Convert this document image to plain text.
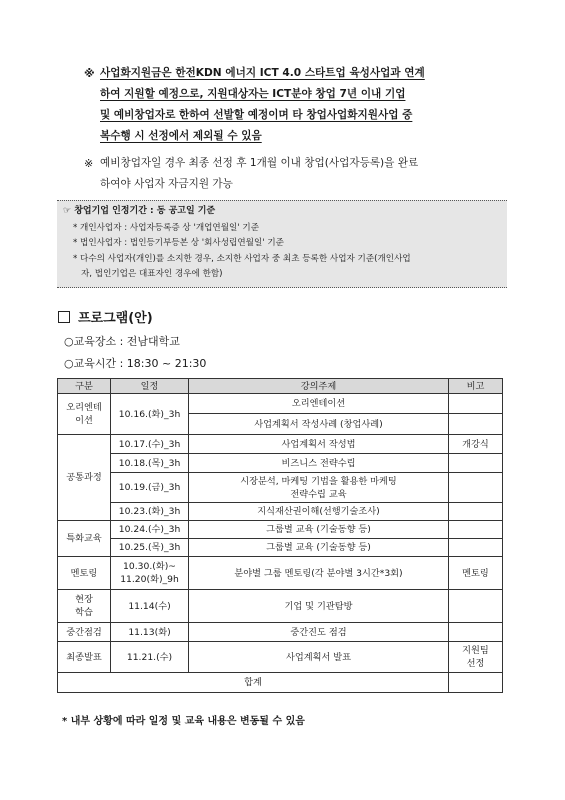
※ 사업화지원금은 한전KDN 에너지 ICT 4.0 스타트업 육성사업과 연계
하여 지원할 예정으로, 지원대상자는 ICT분야 창업 7년 이내 기업
및 예비창업자로 한하여 선발할 예정이며 타 창업사업화지원사업 중
복수행 시 선정에서 제외될 수 있음
※ 예비창업자일 경우 최종 선정 후 1개월 이내 창업(사업자등록)을 완료
하여야 사업자 자금지원 가능
☞ 창업기업 인정기간 : 동 공고일 기준
* 개인사업자 : 사업자등록증 상 '개업연월일' 기준
* 법인사업자 : 법인등기부등본 상 '회사성립연월일' 기준
* 다수의 사업자(개인)를 소지한 경우, 소지한 사업자 중 최초 등록한 사업자 기준(개인사업
자, 법인기업은 대표자인 경우에 한함)
프로그램(안)
○교육장소 : 전남대학교
○교육시간 : 18:30 ~ 21:30
구분	일정	강의주제	비고
오리엔테
이션	10.16.(화)_3h	오리엔테이션	
		사업계획서 작성사례 (창업사례)	
공통과정	10.17.(수)_3h	사업계획서 작성법	개강식
	10.18.(목)_3h	비즈니스 전략수립	
	10.19.(금)_3h	시장분석, 마케팅 기법을 활용한 마케팅
전략수립 교육	
	10.23.(화)_3h	지식재산권이해(선행기술조사)	
특화교육	10.24.(수)_3h	그룹별 교육 (기술동향 등)	
	10.25.(목)_3h	그룹별 교육 (기술동향 등)	
멘토링	10.30.(화)~
11.20(화)_9h	분야별 그룹 멘토링(각 분야별 3시간*3회)	멘토링
현장
학습	11.14(수)	기업 및 기관탐방	
중간점검	11.13(화)	중간진도 점검	
최종발표	11.21.(수)	사업계획서 발표	지원팀
선정
합계			
* 내부 상황에 따라 일정 및 교육 내용은 변동될 수 있음
